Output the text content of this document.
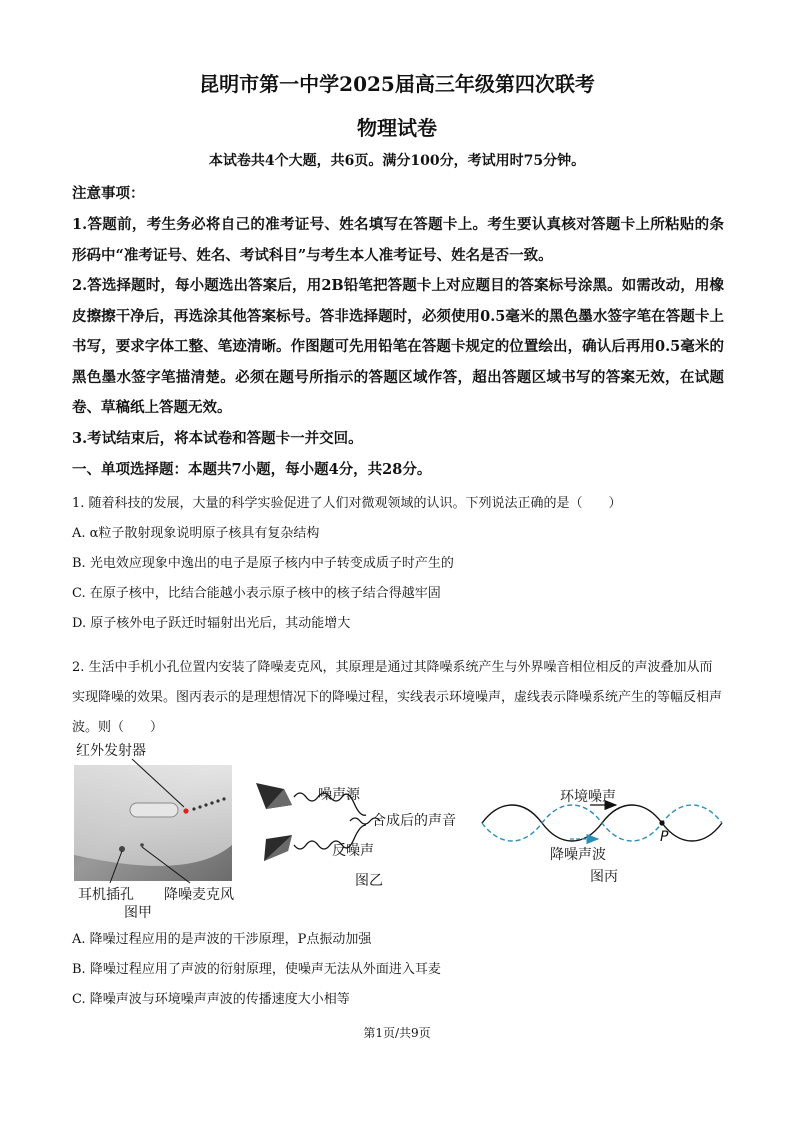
昆明市第一中学2025届高三年级第四次联考
物理试卷
本试卷共4个大题，共6页。满分100分，考试用时75分钟。
注意事项：

1.答题前，考生务必将自己的准考证号、姓名填写在答题卡上。考生要认真核对答题卡上所粘贴的条形码中“准考证号、姓名、考试科目”与考生本人准考证号、姓名是否一致。

2.答选择题时，每小题选出答案后，用2B铅笔把答题卡上对应题目的答案标号涂黑。如需改动，用橡皮擦擦干净后，再选涂其他答案标号。答非选择题时，必须使用0.5毫米的黑色墨水签字笔在答题卡上书写，要求字体工整、笔迹清晰。作图题可先用铅笔在答题卡规定的位置绘出，确认后再用0.5毫米的黑色墨水签字笔描清楚。必须在题号所指示的答题区域作答，超出答题区域书写的答案无效，在试题卷、草稿纸上答题无效。

3.考试结束后，将本试卷和答题卡一并交回。

一、单项选择题：本题共7小题，每小题4分，共28分。

1. 随着科技的发展，大量的科学实验促进了人们对微观领域的认识。下列说法正确的是（　　）

A. α粒子散射现象说明原子核具有复杂结构

B. 光电效应现象中逸出的电子是原子核内中子转变成质子时产生的

C. 在原子核中，比结合能越小表示原子核中的核子结合得越牢固

D. 原子核外电子跃迁时辐射出光后，其动能增大

2. 生活中手机小孔位置内安装了降噪麦克风，其原理是通过其降噪系统产生与外界噪音相位相反的声波叠加从而实现降噪的效果。图丙表示的是理想情况下的降噪过程，实线表示环境噪声，虚线表示降噪系统产生的等幅反相声波。则（　　）

红外发射器
耳机插孔 降噪麦克风
图甲
噪声源
合成后的声音
反噪声
图乙
环境噪声
P
降噪声波
图丙

A. 降噪过程应用的是声波的干涉原理，P点振动加强

B. 降噪过程应用了声波的衍射原理，使噪声无法从外面进入耳麦

C. 降噪声波与环境噪声声波的传播速度大小相等

第1页/共9页
